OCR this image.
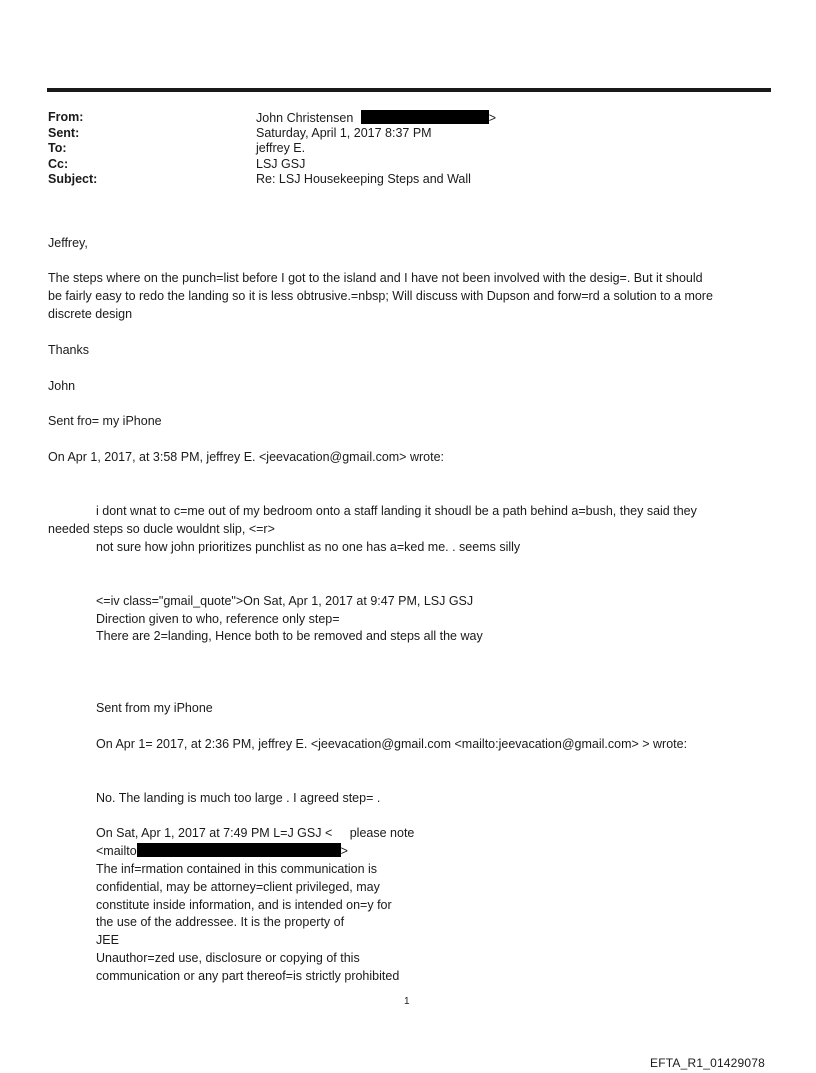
From:	John Christensen	>
Sent:	Saturday, April 1, 2017 8:37 PM
To:	jeffrey E.
Cc:	LSJ GSJ
Subject:	Re: LSJ Housekeeping Steps and Wall
Jeffrey,
The steps where on the punch=list before I got to the island and I have not been involved with the desig=. But it should
be fairly easy to redo the landing so it is less obtrusive.=nbsp; Will discuss with Dupson and forw=rd a solution to a more
discrete design
Thanks
John
Sent fro= my iPhone
On Apr 1, 2017, at 3:58 PM, jeffrey E. <jeevacation@gmail.com> wrote:
i dont wnat to c=me out of my bedroom onto a staff landing it shoudl be a path behind a=bush, they said they
needed steps so ducle wouldnt slip, <=r>
not sure how john prioritizes punchlist as no one has a=ked me. . seems silly
<=iv class="gmail_quote">On Sat, Apr 1, 2017 at 9:47 PM, LSJ GSJ
Direction given to who, reference only step=
There are 2=landing, Hence both to be removed and steps all the way
Sent from my iPhone
On Apr 1= 2017, at 2:36 PM, jeffrey E. <jeevacation@gmail.com <mailto:jeevacation@gmail.com> > wrote:
No. The landing is much too large . I agreed step= .
On Sat, Apr 1, 2017 at 7:49 PM L=J GSJ < please note
<mailto	>
The inf=rmation contained in this communication is
confidential, may be attorney=client privileged, may
constitute inside information, and is intended on=y for
the use of the addressee. It is the property of
JEE
Unauthor=zed use, disclosure or copying of this
communication or any part thereof=is strictly prohibited
1
EFTA_R1_01429078
